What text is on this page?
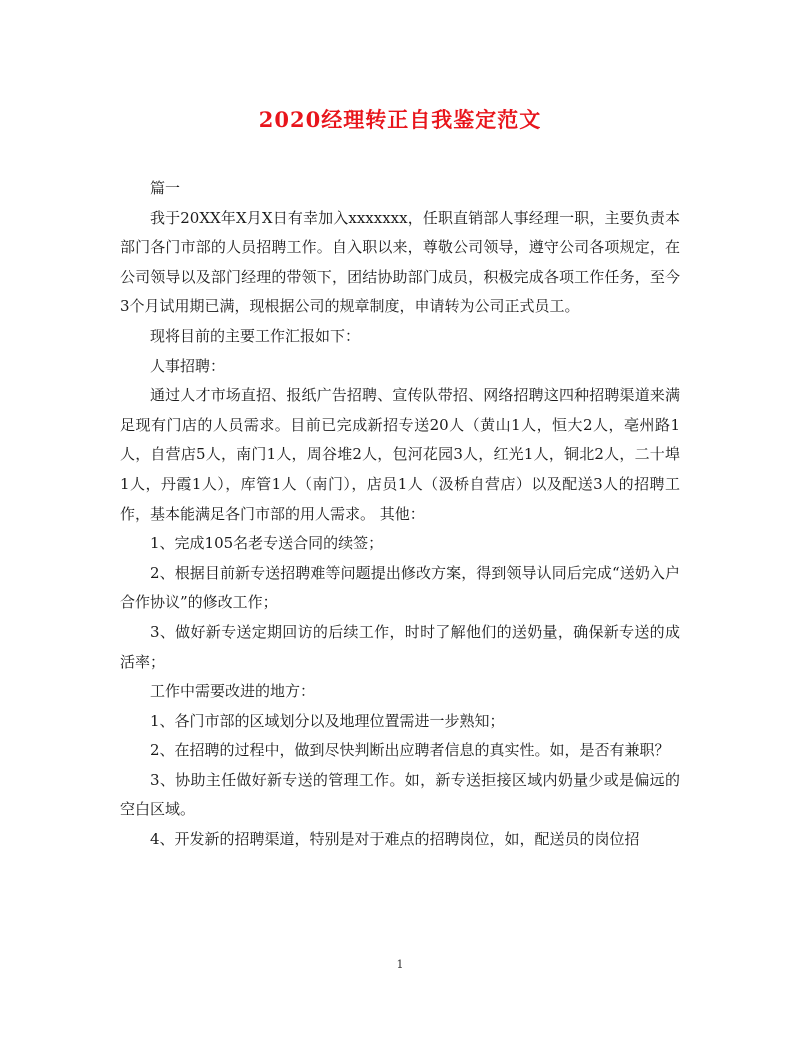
2020经理转正自我鉴定范文

篇一

我于20XX年X月X日有幸加入xxxxxxx，任职直销部人事经理一职，主要负责本部门各门市部的人员招聘工作。自入职以来，尊敬公司领导，遵守公司各项规定，在公司领导以及部门经理的带领下，团结协助部门成员，积极完成各项工作任务，至今3个月试用期已满，现根据公司的规章制度，申请转为公司正式员工。

现将目前的主要工作汇报如下：

人事招聘：

通过人才市场直招、报纸广告招聘、宣传队带招、网络招聘这四种招聘渠道来满足现有门店的人员需求。目前已完成新招专送20人（黄山1人，恒大2人，亳州路1人，自营店5人，南门1人，周谷堆2人，包河花园3人，红光1人，铜北2人，二十埠1人，丹霞1人），库管1人（南门），店员1人（汲桥自营店）以及配送3人的招聘工作，基本能满足各门市部的用人需求。 其他：

1、完成105名老专送合同的续签；

2、根据目前新专送招聘难等问题提出修改方案，得到领导认同后完成“送奶入户合作协议”的修改工作；

3、做好新专送定期回访的后续工作，时时了解他们的送奶量，确保新专送的成活率；

工作中需要改进的地方：

1、各门市部的区域划分以及地理位置需进一步熟知；

2、在招聘的过程中，做到尽快判断出应聘者信息的真实性。如，是否有兼职？

3、协助主任做好新专送的管理工作。如，新专送拒接区域内奶量少或是偏远的空白区域。

4、开发新的招聘渠道，特别是对于难点的招聘岗位，如，配送员的岗位招

1
